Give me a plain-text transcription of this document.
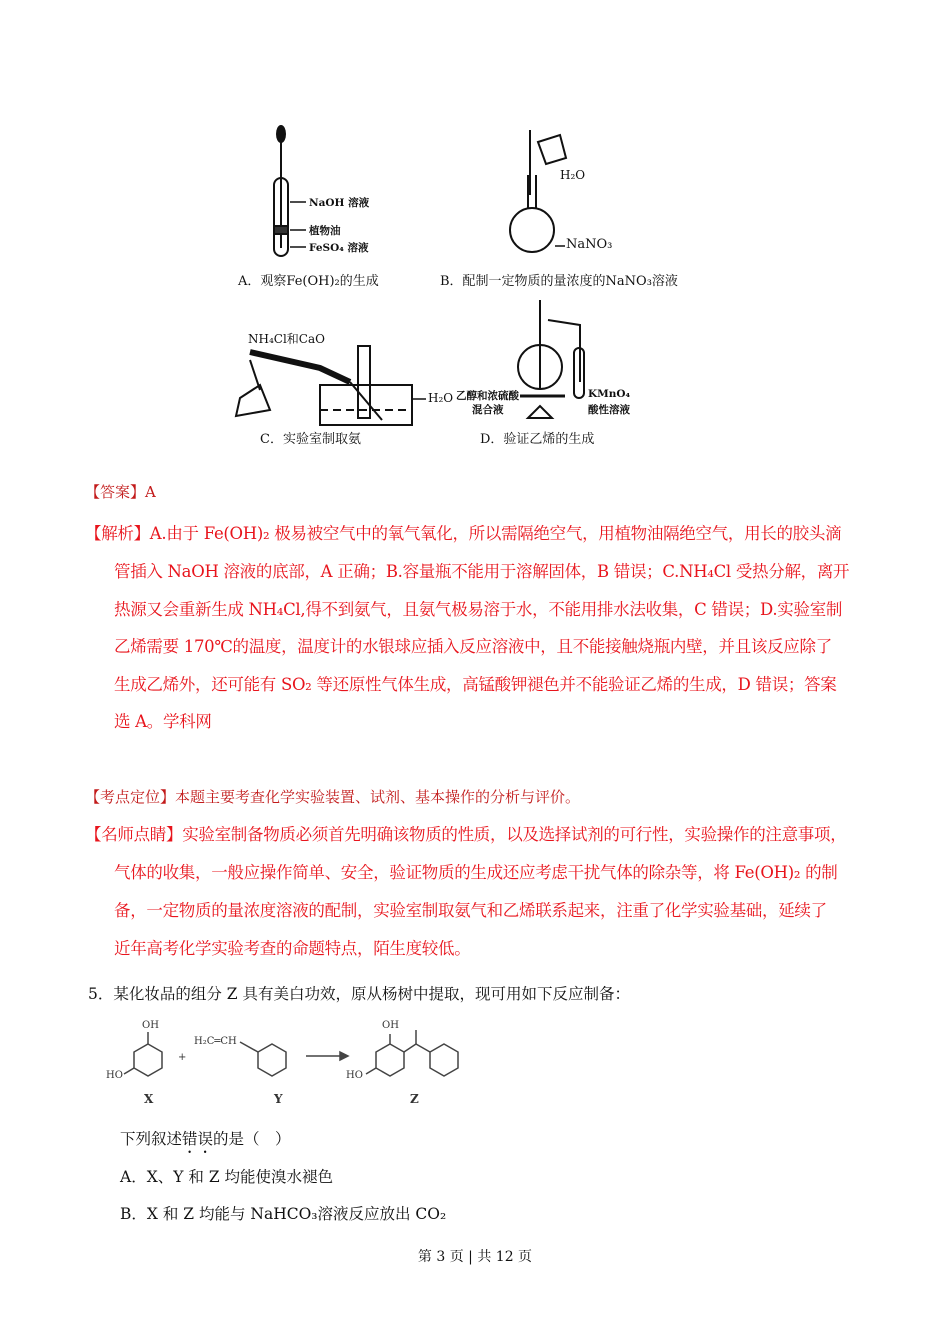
NaOH 溶液
植物油
FeSO₄ 溶液
A．观察Fe(OH)₂的生成
H₂O
NaNO₃
B．配制一定物质的量浓度的NaNO₃溶液
NH₄Cl和CaO
H₂O
C．实验室制取氨
乙醇和浓硫酸
混合液
KMnO₄
酸性溶液
D．验证乙烯的生成
【答案】A
【解析】A.由于 Fe(OH)₂ 极易被空气中的氧气氧化，所以需隔绝空气，用植物油隔绝空气，用长的胶头滴
管插入 NaOH 溶液的底部，A 正确；B.容量瓶不能用于溶解固体，B 错误；C.NH₄Cl 受热分解，离开
热源又会重新生成 NH₄Cl,得不到氨气，且氨气极易溶于水，不能用排水法收集，C 错误；D.实验室制
乙烯需要 170℃的温度，温度计的水银球应插入反应溶液中，且不能接触烧瓶内壁，并且该反应除了
生成乙烯外，还可能有 SO₂ 等还原性气体生成，高锰酸钾褪色并不能验证乙烯的生成，D 错误；答案
选 A。学科网
【考点定位】本题主要考查化学实验装置、试剂、基本操作的分析与评价。
【名师点睛】实验室制备物质必须首先明确该物质的性质，以及选择试剂的可行性，实验操作的注意事项，
气体的收集，一般应操作简单、安全，验证物质的生成还应考虑干扰气体的除杂等，将 Fe(OH)₂ 的制
备，一定物质的量浓度溶液的配制，实验室制取氨气和乙烯联系起来，注重了化学实验基础，延续了
近年高考化学实验考查的命题特点，陌生度较低。
5．某化妆品的组分 Z 具有美白功效，原从杨树中提取，现可用如下反应制备：
OH
HO
+
H₂C═CH
OH
HO
X	Y	Z
下列叙述错误的是（　）
A．X、Y 和 Z 均能使溴水褪色
B．X 和 Z 均能与 NaHCO₃溶液反应放出 CO₂
第 3 页 | 共 12 页
